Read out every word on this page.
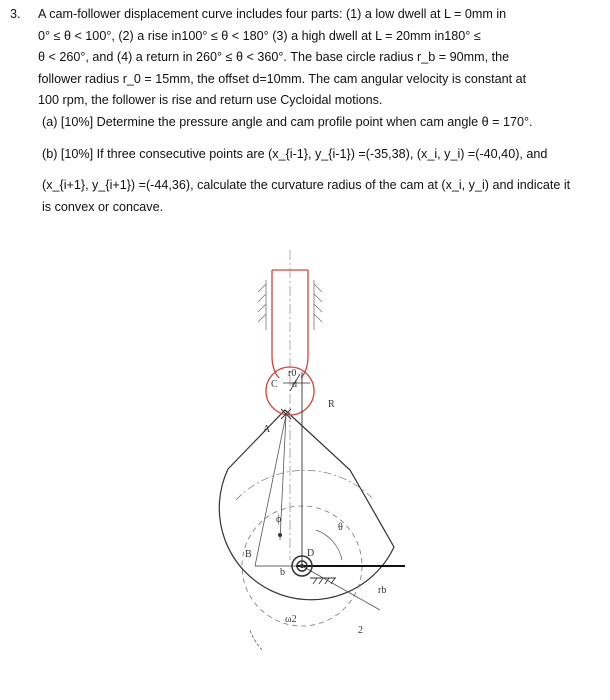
3. A cam-follower displacement curve includes four parts: (1) a low dwell at L = 0mm in

0° ≤ θ < 100°, (2) a rise in100° ≤ θ < 180° (3) a high dwell at L = 20mm in180° ≤

θ < 260°, and (4) a return in 260° ≤ θ < 360°. The base circle radius r_b = 90mm, the

follower radius r_0 = 15mm, the offset d=10mm. The cam angular velocity is constant at

100 rpm, the follower is rise and return use Cycloidal motions.

(a) [10%] Determine the pressure angle and cam profile point when cam angle θ = 170°.

(b) [10%] If three consecutive points are (x_{i-1}, y_{i-1}) =(-35,38), (x_i, y_i) =(-40,40), and

(x_{i+1}, y_{i+1}) =(-44,36), calculate the curvature radius of the cam at (x_i, y_i) and indicate it

is convex or concave.

r0
C d
R
A
ϕ
θ
B
b
D
rb
ω2
2
